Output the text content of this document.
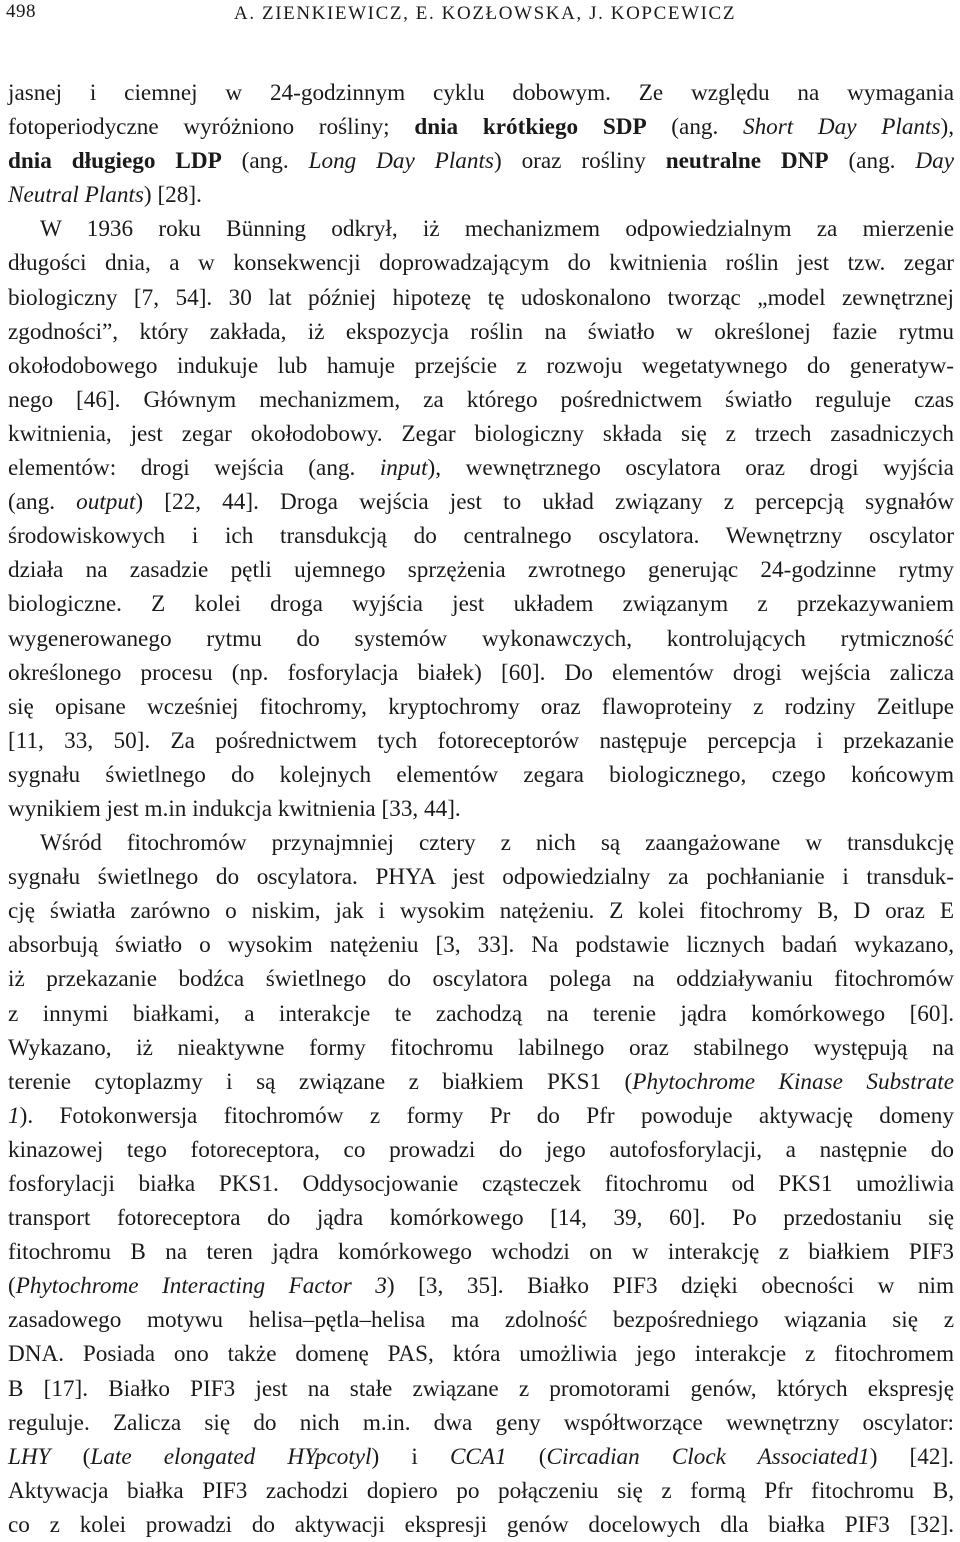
498	A. ZIENKIEWICZ, E. KOZŁOWSKA, J. KOPCEWICZ
jasnej i ciemnej w 24-godzinnym cyklu dobowym. Ze względu na wymagania
fotoperiodyczne wyróżniono rośliny; dnia krótkiego SDP (ang. Short Day Plants),
dnia długiego LDP (ang. Long Day Plants) oraz rośliny neutralne DNP (ang. Day
Neutral Plants) [28].
W 1936 roku Bünning odkrył, iż mechanizmem odpowiedzialnym za mierzenie
długości dnia, a w konsekwencji doprowadzającym do kwitnienia roślin jest tzw. zegar
biologiczny [7, 54]. 30 lat później hipotezę tę udoskonalono tworząc „model zewnętrznej
zgodności”, który zakłada, iż ekspozycja roślin na światło w określonej fazie rytmu
okołodobowego indukuje lub hamuje przejście z rozwoju wegetatywnego do generatyw-
nego [46]. Głównym mechanizmem, za którego pośrednictwem światło reguluje czas
kwitnienia, jest zegar okołodobowy. Zegar biologiczny składa się z trzech zasadniczych
elementów: drogi wejścia (ang. input), wewnętrznego oscylatora oraz drogi wyjścia
(ang. output) [22, 44]. Droga wejścia jest to układ związany z percepcją sygnałów
środowiskowych i ich transdukcją do centralnego oscylatora. Wewnętrzny oscylator
działa na zasadzie pętli ujemnego sprzężenia zwrotnego generując 24-godzinne rytmy
biologiczne. Z kolei droga wyjścia jest układem związanym z przekazywaniem
wygenerowanego rytmu do systemów wykonawczych, kontrolujących rytmiczność
określonego procesu (np. fosforylacja białek) [60]. Do elementów drogi wejścia zalicza
się opisane wcześniej fitochromy, kryptochromy oraz flawoproteiny z rodziny Zeitlupe
[11, 33, 50]. Za pośrednictwem tych fotoreceptorów następuje percepcja i przekazanie
sygnału świetlnego do kolejnych elementów zegara biologicznego, czego końcowym
wynikiem jest m.in indukcja kwitnienia [33, 44].
Wśród fitochromów przynajmniej cztery z nich są zaangażowane w transdukcję
sygnału świetlnego do oscylatora. PHYA jest odpowiedzialny za pochłanianie i transduk-
cję światła zarówno o niskim, jak i wysokim natężeniu. Z kolei fitochromy B, D oraz E
absorbują światło o wysokim natężeniu [3, 33]. Na podstawie licznych badań wykazano,
iż przekazanie bodźca świetlnego do oscylatora polega na oddziaływaniu fitochromów
z innymi białkami, a interakcje te zachodzą na terenie jądra komórkowego [60].
Wykazano, iż nieaktywne formy fitochromu labilnego oraz stabilnego występują na
terenie cytoplazmy i są związane z białkiem PKS1 (Phytochrome Kinase Substrate
1). Fotokonwersja fitochromów z formy Pr do Pfr powoduje aktywację domeny
kinazowej tego fotoreceptora, co prowadzi do jego autofosforylacji, a następnie do
fosforylacji białka PKS1. Oddysocjowanie cząsteczek fitochromu od PKS1 umożliwia
transport fotoreceptora do jądra komórkowego [14, 39, 60]. Po przedostaniu się
fitochromu B na teren jądra komórkowego wchodzi on w interakcję z białkiem PIF3
(Phytochrome Interacting Factor 3) [3, 35]. Białko PIF3 dzięki obecności w nim
zasadowego motywu helisa–pętla–helisa ma zdolność bezpośredniego wiązania się z
DNA. Posiada ono także domenę PAS, która umożliwia jego interakcje z fitochromem
B [17]. Białko PIF3 jest na stałe związane z promotorami genów, których ekspresję
reguluje. Zalicza się do nich m.in. dwa geny współtworzące wewnętrzny oscylator:
LHY (Late elongated HYpcotyl) i CCA1 (Circadian Clock Associated1) [42].
Aktywacja białka PIF3 zachodzi dopiero po połączeniu się z formą Pfr fitochromu B,
co z kolei prowadzi do aktywacji ekspresji genów docelowych dla białka PIF3 [32].
